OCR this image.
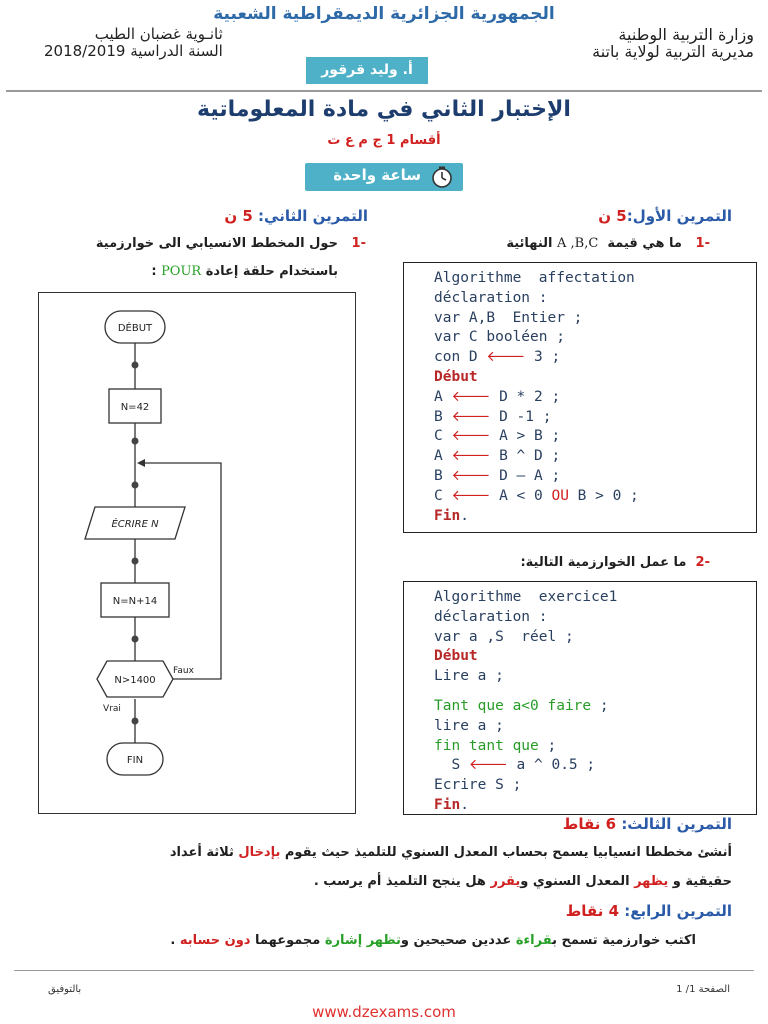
الجمهورية الجزائرية الديمقراطية الشعبية
وزارة التربية الوطنية
مديرية التربية لولاية باتنة
ثانـوية غضبان الطيب
السنة الدراسية 2018/2019
أ. وليد قرقور
الإختبار الثاني في مادة المعلوماتية
أقسام 1 ج م ع ت
ساعة واحدة
التمرين الأول:5 ن
-1   ما هي قيمة  A ,B,C النهائية
Algorithme  affectation
déclaration :
var A,B  Entier ;
var C booléen ;
con D 🡐 3 ;
Début
A 🡐 D * 2 ;
B 🡐 D -1 ;
C 🡐 A > B ;
A 🡐 B ^ D ;
B 🡐 D – A ;
C 🡐 A < 0 OU B > 0 ;
Fin.
-2  ما عمل الخوارزمية التالية:
Algorithme  exercice1
déclaration :
var a ,S  réel ;
Début
Lire a ;
Tant que a<0 faire ;
lire a ;
fin tant que ;
S 🡐 a ^ 0.5 ;
Ecrire S ;
Fin.
التمرين الثاني: 5 ن
-1   حول المخطط الانسيابي الى خوارزمية
باستخدام حلقة إعادة POUR :
DÉBUT
N=42
ÉCRIRE N
N=N+14
N>1400
Faux
Vrai
FIN
التمرين الثالث: 6 نقاط
أنشئ مخططا انسيابيا يسمح بحساب المعدل السنوي للتلميذ حيث يقوم بإدخال ثلاثة أعداد
حقيقية و يظهر المعدل السنوي ويقرر هل ينجح التلميذ أم يرسب .
التمرين الرابع: 4 نقاط
اكتب خوارزمية تسمح بقراءة عددين صحيحين وتظهر إشارة مجموعهما دون حسابه .
بالتوفيق	الصفحة 1/ 1
www.dzexams.com
